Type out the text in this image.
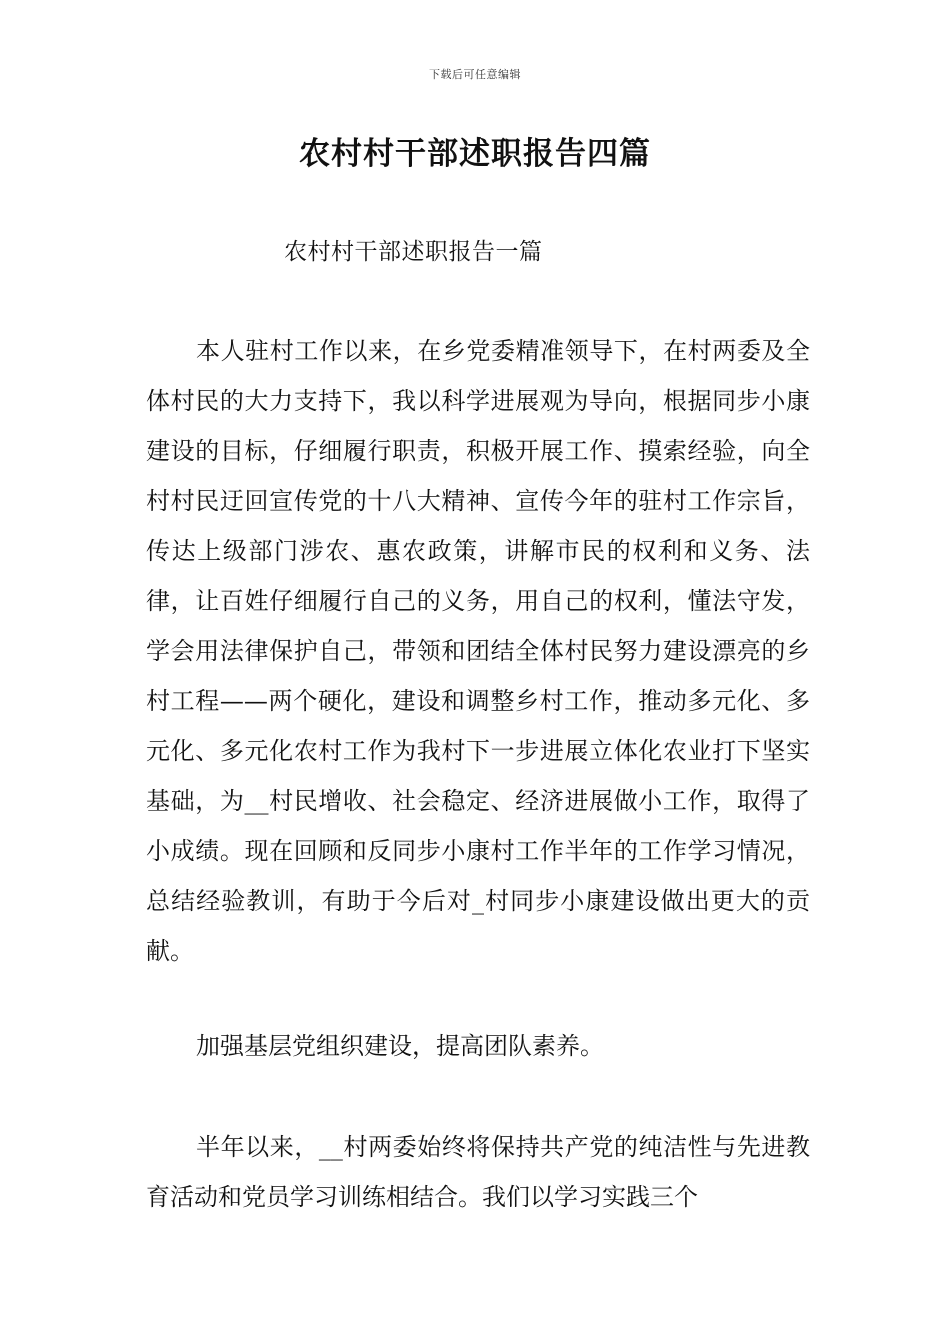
下载后可任意编辑
农村村干部述职报告四篇
农村村干部述职报告一篇

本人驻村工作以来，在乡党委精准领导下，在村两委及全体村民的大力支持下，我以科学进展观为导向，根据同步小康建设的目标，仔细履行职责，积极开展工作、摸索经验，向全村村民迂回宣传党的十八大精神、宣传今年的驻村工作宗旨，传达上级部门涉农、惠农政策，讲解市民的权利和义务、法律，让百姓仔细履行自己的义务，用自己的权利，懂法守发，学会用法律保护自己，带领和团结全体村民努力建设漂亮的乡村工程——两个硬化，建设和调整乡村工作，推动多元化、多元化、多元化农村工作为我村下一步进展立体化农业打下坚实基础，为__村民增收、社会稳定、经济进展做小工作，取得了小成绩。现在回顾和反同步小康村工作半年的工作学习情况，总结经验教训，有助于今后对_村同步小康建设做出更大的贡献。

加强基层党组织建设，提高团队素养。

半年以来，__村两委始终将保持共产党的纯洁性与先进教育活动和党员学习训练相结合。我们以学习实践三个
